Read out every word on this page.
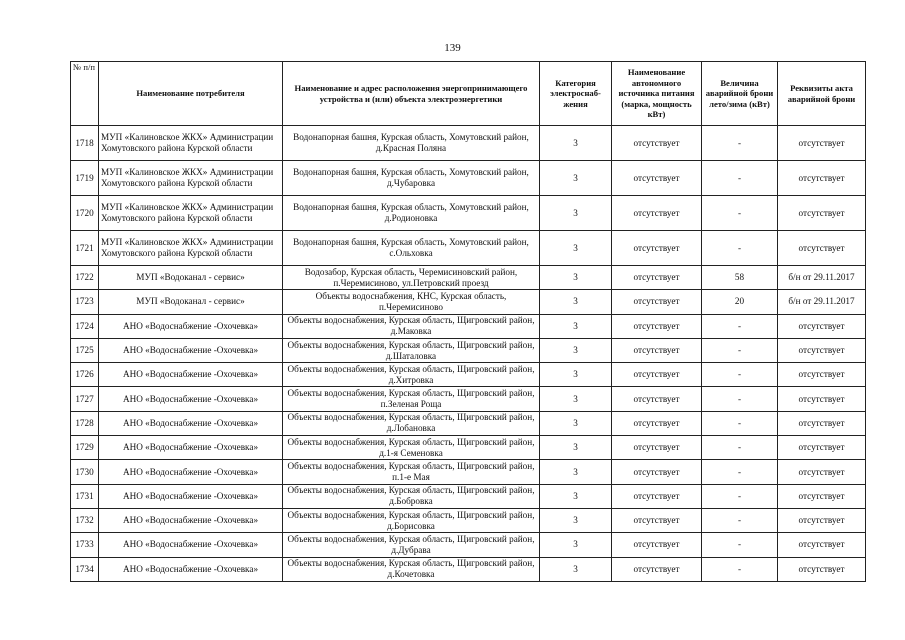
139
№ п/п	Наименование потребителя	Наименование и адрес расположения энергопринимающего устройства и (или) объекта электроэнергетики	Категория электроснаб-жения	Наименование автономного источника питания (марка, мощность кВт)	Величина аварийной брони лето/зима (кВт)	Реквизиты акта аварийной брони
1718	МУП «Калиновское ЖКХ» Администрации Хомутовского района Курской области	Водонапорная башня, Курская область, Хомутовский район, д.Красная Поляна	3	отсутствует	-	отсутствует
1719	МУП «Калиновское ЖКХ» Администрации Хомутовского района Курской области	Водонапорная башня, Курская область, Хомутовский район, д.Чубаровка	3	отсутствует	-	отсутствует
1720	МУП «Калиновское ЖКХ» Администрации Хомутовского района Курской области	Водонапорная башня, Курская область, Хомутовский район, д.Родионовка	3	отсутствует	-	отсутствует
1721	МУП «Калиновское ЖКХ» Администрации Хомутовского района Курской области	Водонапорная башня, Курская область, Хомутовский район, с.Ольховка	3	отсутствует	-	отсутствует
1722	МУП «Водоканал - сервис»	Водозабор, Курская область, Черемисиновский район, п.Черемисиново, ул.Петровский проезд	3	отсутствует	58	б/н от 29.11.2017
1723	МУП «Водоканал - сервис»	Объекты водоснабжения, КНС, Курская область, п.Черемисиново	3	отсутствует	20	б/н от 29.11.2017
1724	АНО «Водоснабжение -Охочевка»	Объекты водоснабжения, Курская область, Щигровский район, д.Маковка	3	отсутствует	-	отсутствует
1725	АНО «Водоснабжение -Охочевка»	Объекты водоснабжения, Курская область, Щигровский район, д.Шаталовка	3	отсутствует	-	отсутствует
1726	АНО «Водоснабжение -Охочевка»	Объекты водоснабжения, Курская область, Щигровский район, д.Хитровка	3	отсутствует	-	отсутствует
1727	АНО «Водоснабжение -Охочевка»	Объекты водоснабжения, Курская область, Щигровский район, п.Зеленая Роща	3	отсутствует	-	отсутствует
1728	АНО «Водоснабжение -Охочевка»	Объекты водоснабжения, Курская область, Щигровский район, д.Лобановка	3	отсутствует	-	отсутствует
1729	АНО «Водоснабжение -Охочевка»	Объекты водоснабжения, Курская область, Щигровский район, д.1-я Семеновка	3	отсутствует	-	отсутствует
1730	АНО «Водоснабжение -Охочевка»	Объекты водоснабжения, Курская область, Щигровский район, п.1-е Мая	3	отсутствует	-	отсутствует
1731	АНО «Водоснабжение -Охочевка»	Объекты водоснабжения, Курская область, Щигровский район, д.Бобровка	3	отсутствует	-	отсутствует
1732	АНО «Водоснабжение -Охочевка»	Объекты водоснабжения, Курская область, Щигровский район, д.Борисовка	3	отсутствует	-	отсутствует
1733	АНО «Водоснабжение -Охочевка»	Объекты водоснабжения, Курская область, Щигровский район, д.Дубрава	3	отсутствует	-	отсутствует
1734	АНО «Водоснабжение -Охочевка»	Объекты водоснабжения, Курская область, Щигровский район, д.Кочетовка	3	отсутствует	-	отсутствует
